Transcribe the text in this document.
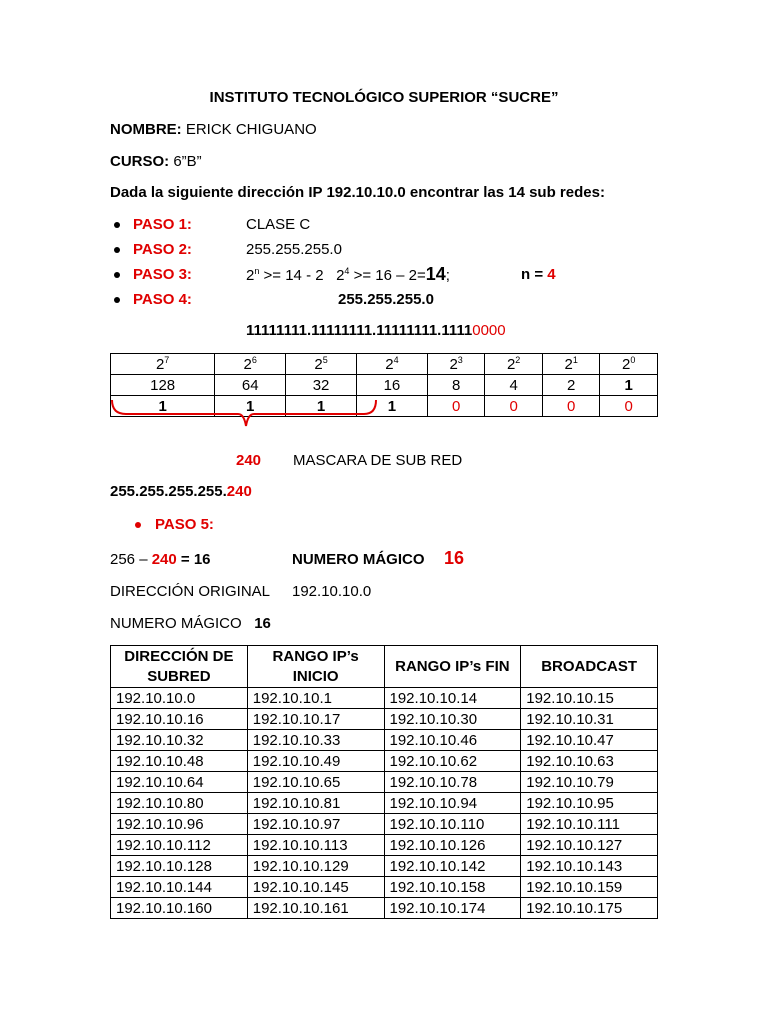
INSTITUTO TECNOLÓGICO SUPERIOR “SUCRE”
NOMBRE: ERICK CHIGUANO
CURSO: 6”B”
Dada la siguiente dirección IP 192.10.10.0 encontrar las 14 sub redes:
PASO 1:	CLASE C
PASO 2:	255.255.255.0
PASO 3:	$2^n >= 14 - 2$   $2^4 >= 16 - 2=14$;	n = 4
PASO 4:	255.255.255.0
11111111.11111111.11111111.11110000
$2^7$	$2^6$	$2^5$	$2^4$	$2^3$	$2^2$	$2^1$	$2^0$
128	64	32	16	8	4	2	1
1	1	1	1	0	0	0	0
240 MASCARA DE SUB RED
255.255.255.255.240
PASO 5:
256 – 240 = 16	NUMERO MÁGICO 16
DIRECCIÓN ORIGINAL 192.10.10.0
NUMERO MÁGICO 16
DIRECCIÓN DE SUBRED	RANGO IP’s INICIO	RANGO IP’s FIN	BROADCAST
192.10.10.0	192.10.10.1	192.10.10.14	192.10.10.15
192.10.10.16	192.10.10.17	192.10.10.30	192.10.10.31
192.10.10.32	192.10.10.33	192.10.10.46	192.10.10.47
192.10.10.48	192.10.10.49	192.10.10.62	192.10.10.63
192.10.10.64	192.10.10.65	192.10.10.78	192.10.10.79
192.10.10.80	192.10.10.81	192.10.10.94	192.10.10.95
192.10.10.96	192.10.10.97	192.10.10.110	192.10.10.111
192.10.10.112	192.10.10.113	192.10.10.126	192.10.10.127
192.10.10.128	192.10.10.129	192.10.10.142	192.10.10.143
192.10.10.144	192.10.10.145	192.10.10.158	192.10.10.159
192.10.10.160	192.10.10.161	192.10.10.174	192.10.10.175
